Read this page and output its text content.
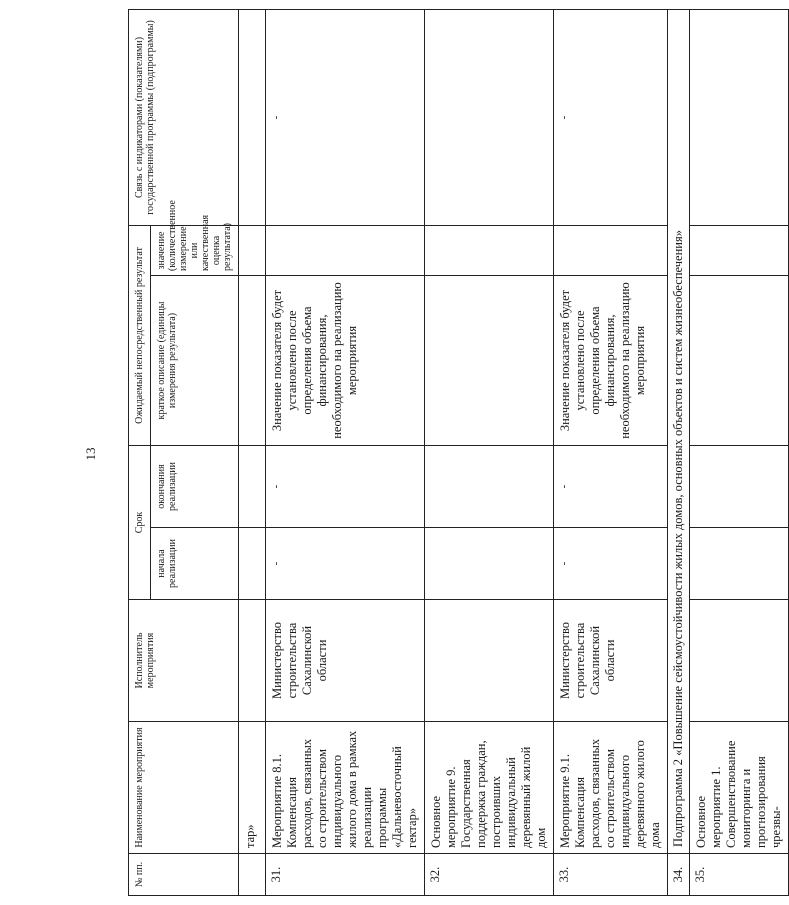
13
№ пп.	Наименование мероприятия	Исполнитель мероприятия	Срок		Ожидаемый непосредственный результат		Связь с индикаторами (показателями) государственной программы (подпрограммы)
			начала реализации	окончания реализации	краткое описание (единицы измерения результата)	значение (количественное измерение или качественная оценка результата)	
	тар»						
31.	Мероприятие 8.1. Компенсация расходов, связанных со строительством индивидуального жилого дома в рамках реализации программы «Дальневосточный гектар»	Министерство строительства Сахалинской области	-	-	Значение показателя будет установлено после определения объема финансирования, необходимого на реализацию мероприятия		-
32.	Основное мероприятие 9. Государственная поддержка граждан, построивших индивидуальный деревянный жилой дом						
33.	Мероприятие 9.1. Компенсация расходов, связанных со строительством индивидуального деревянного жилого дома	Министерство строительства Сахалинской области	-	-	Значение показателя будет установлено после определения объема финансирования, необходимого на реализацию мероприятия		-
34.	Подпрограмма 2 «Повышение сейсмоустойчивости жилых домов, основных объектов и систем жизнеобеспечения»						
35.	Основное мероприятие 1. Совершенствование мониторинга и прогнозирования чрезвы-						
